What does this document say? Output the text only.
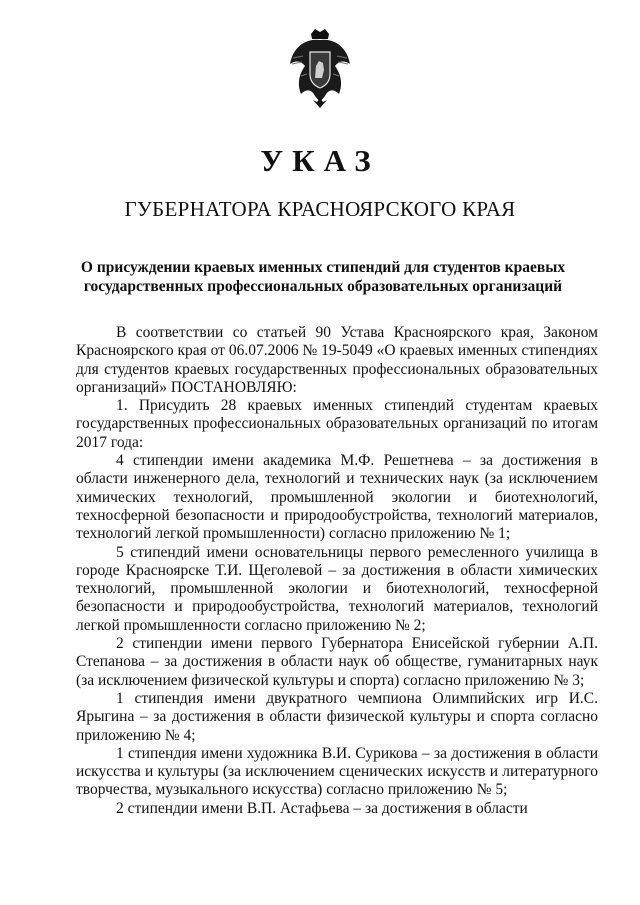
УКАЗ
ГУБЕРНАТОРА КРАСНОЯРСКОГО КРАЯ
О присуждении краевых именных стипендий для студентов краевых государственных профессиональных образовательных организаций

В соответствии со статьей 90 Устава Красноярского края, Законом Красноярского края от 06.07.2006 № 19-5049 «О краевых именных стипендиях для студентов краевых государственных профессиональных образовательных организаций» ПОСТАНОВЛЯЮ:

1. Присудить 28 краевых именных стипендий студентам краевых государственных профессиональных образовательных организаций по итогам 2017 года:

4 стипендии имени академика М.Ф. Решетнева – за достижения в области инженерного дела, технологий и технических наук (за исключением химических технологий, промышленной экологии и биотехнологий, техносферной безопасности и природообустройства, технологий материалов, технологий легкой промышленности) согласно приложению № 1;

5 стипендий имени основательницы первого ремесленного училища в городе Красноярске Т.И. Щеголевой – за достижения в области химических технологий, промышленной экологии и биотехнологий, техносферной безопасности и природообустройства, технологий материалов, технологий легкой промышленности согласно приложению № 2;

2 стипендии имени первого Губернатора Енисейской губернии А.П. Степанова – за достижения в области наук об обществе, гуманитарных наук (за исключением физической культуры и спорта) согласно приложению № 3;

1 стипендия имени двукратного чемпиона Олимпийских игр И.С. Ярыгина – за достижения в области физической культуры и спорта согласно приложению № 4;

1 стипендия имени художника В.И. Сурикова – за достижения в области искусства и культуры (за исключением сценических искусств и литературного творчества, музыкального искусства) согласно приложению № 5;

2 стипендии имени В.П. Астафьева – за достижения в области
